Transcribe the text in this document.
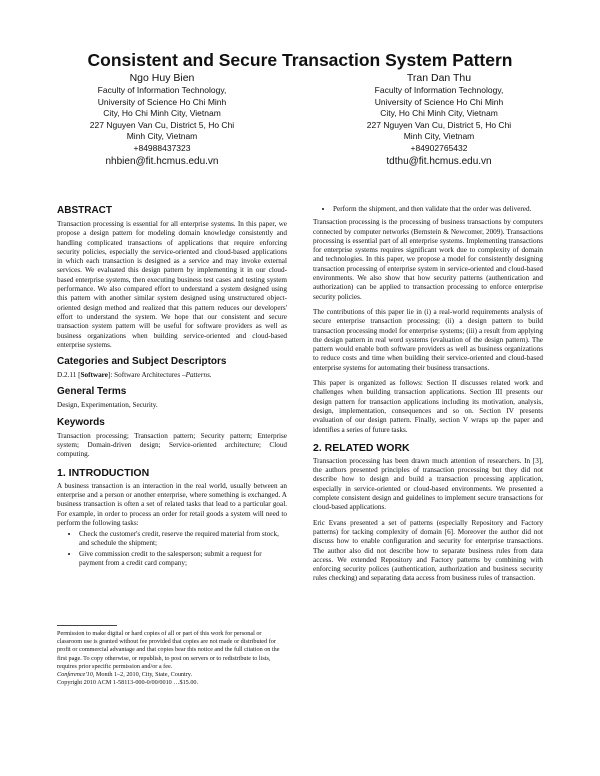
Consistent and Secure Transaction System Pattern
Ngo Huy Bien
Faculty of Information Technology,
University of Science Ho Chi Minh
City, Ho Chi Minh City, Vietnam
227 Nguyen Van Cu, District 5, Ho Chi
Minh City, Vietnam
+84988437323
nhbien@fit.hcmus.edu.vn
Tran Dan Thu
Faculty of Information Technology,
University of Science Ho Chi Minh
City, Ho Chi Minh City, Vietnam
227 Nguyen Van Cu, District 5, Ho Chi
Minh City, Vietnam
+84902765432
tdthu@fit.hcmus.edu.vn
ABSTRACT

Transaction processing is essential for all enterprise systems. In this paper, we propose a design pattern for modeling domain knowledge consistently and handling complicated transactions of applications that require enforcing security policies, especially the service-oriented and cloud-based applications in which each transaction is designed as a service and may invoke external services. We evaluated this design pattern by implementing it in our cloud-based enterprise systems, then executing business test cases and testing system performance. We also compared effort to understand a system designed using this pattern with another similar system designed using unstructured object-oriented design method and realized that this pattern reduces our developers' effort to understand the system. We hope that our consistent and secure transaction system pattern will be useful for software providers as well as business organizations when building service-oriented and cloud-based enterprise systems.

Categories and Subject Descriptors

D.2.11 [Software]: Software Architectures –Patterns.

General Terms

Design, Experimentation, Security.

Keywords

Transaction processing; Transaction pattern; Security pattern; Enterprise system; Domain-driven design; Service-oriented architecture; Cloud computing.

1. INTRODUCTION

A business transaction is an interaction in the real world, usually between an enterprise and a person or another enterprise, where something is exchanged. A business transaction is often a set of related tasks that lead to a particular goal. For example, in order to process an order for retail goods a system will need to perform the following tasks:

• Check the customer's credit, reserve the required material from stock, and schedule the shipment;
• Give commission credit to the salesperson; submit a request for payment from a credit card company;
Permission to make digital or hard copies of all or part of this work for personal or classroom use is granted without fee provided that copies are not made or distributed for profit or commercial advantage and that copies bear this notice and the full citation on the first page. To copy otherwise, or republish, to post on servers or to redistribute to lists, requires prior specific permission and/or a fee.
Conference'10, Month 1–2, 2010, City, State, Country.
Copyright 2010 ACM 1-58113-000-0/00/0010 …$15.00.
• Perform the shipment, and then validate that the order was delivered.

Transaction processing is the processing of business transactions by computers connected by computer networks (Bernstein & Newcomer, 2009). Transactions processing is essential part of all enterprise systems. Implementing transactions for enterprise systems requires significant work due to complexity of domain and technologies. In this paper, we propose a model for consistently designing transaction processing of enterprise system in service-oriented and cloud-based environments. We also show that how security patterns (authentication and authorization) can be applied to transaction processing to enforce enterprise security policies.

The contributions of this paper lie in (i) a real-world requirements analysis of secure enterprise transaction processing; (ii) a design pattern to build transaction processing model for enterprise systems; (iii) a result from applying the design pattern in real word systems (evaluation of the design pattern). The pattern would enable both software providers as well as business organizations to reduce costs and time when building their service-oriented and cloud-based enterprise systems for automating their business transactions.

This paper is organized as follows: Section II discusses related work and challenges when building transaction applications. Section III presents our design pattern for transaction applications including its motivation, analysis, design, implementation, consequences and so on. Section IV presents evaluation of our design pattern. Finally, section V wraps up the paper and identifies a series of future tasks.

2. RELATED WORK

Transaction processing has been drawn much attention of researchers. In [3], the authors presented principles of transaction processing but they did not describe how to design and build a transaction processing application, especially in service-oriented or cloud-based environments. We presented a complete consistent design and guidelines to implement secure transactions for cloud-based applications.

Eric Evans presented a set of patterns (especially Repository and Factory patterns) for tacking complexity of domain [6]. Moreover the author did not discuss how to enable configuration and security for enterprise transactions. The author also did not describe how to separate business rules from data access. We extended Repository and Factory patterns by combining with enforcing security polices (authentication, authorization and business security rules checking) and separating data access from business rules of transaction.
